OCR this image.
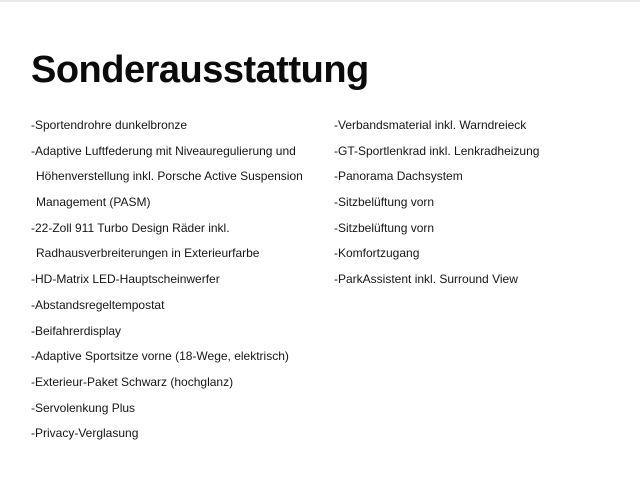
Sonderausstattung
-Sportendrohre dunkelbronze
-Adaptive Luftfederung mit Niveauregulierung und
Höhenverstellung inkl. Porsche Active Suspension
Management (PASM)
-22-Zoll 911 Turbo Design Räder inkl.
Radhausverbreiterungen in Exterieurfarbe
-HD-Matrix LED-Hauptscheinwerfer
-Abstandsregeltempostat
-Beifahrerdisplay
-Adaptive Sportsitze vorne (18-Wege, elektrisch)
-Exterieur-Paket Schwarz (hochglanz)
-Servolenkung Plus
-Privacy-Verglasung
-Verbandsmaterial inkl. Warndreieck
-GT-Sportlenkrad inkl. Lenkradheizung
-Panorama Dachsystem
-Sitzbelüftung vorn
-Sitzbelüftung vorn
-Komfortzugang
-ParkAssistent inkl. Surround View
